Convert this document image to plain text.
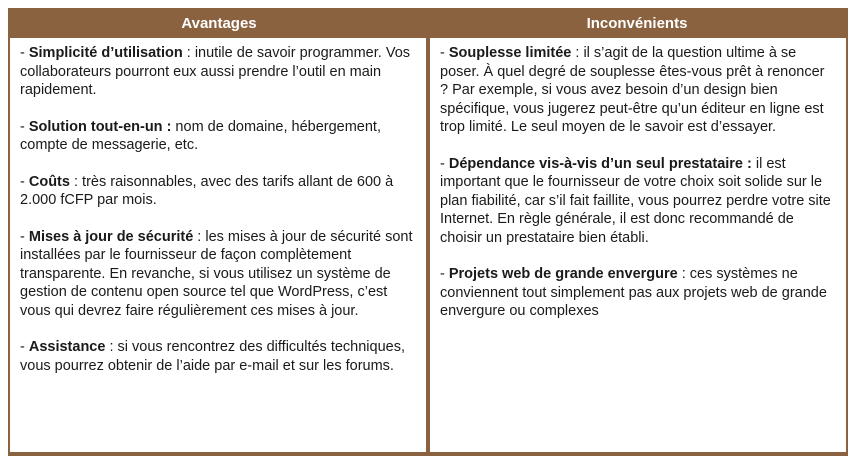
Avantages	Inconvénients

- Simplicité d’utilisation : inutile de savoir programmer. Vos collaborateurs pourront eux aussi prendre l’outil en main rapidement.

- Solution tout-en-un : nom de domaine, hébergement, compte de messagerie, etc.

- Coûts : très raisonnables, avec des tarifs allant de 600 à 2.000 fCFP par mois.

- Mises à jour de sécurité : les mises à jour de sécurité sont installées par le fournisseur de façon complètement transparente. En revanche, si vous utilisez un système de gestion de contenu open source tel que WordPress, c’est vous qui devrez faire régulièrement ces mises à jour.

- Assistance : si vous rencontrez des difficultés techniques, vous pourrez obtenir de l’aide par e-mail et sur les forums.

- Souplesse limitée : il s’agit de la question ultime à se poser. À quel degré de souplesse êtes-vous prêt à renoncer ? Par exemple, si vous avez besoin d’un design bien spécifique, vous jugerez peut-être qu’un éditeur en ligne est trop limité. Le seul moyen de le savoir est d’essayer.

- Dépendance vis-à-vis d’un seul prestataire : il est important que le fournisseur de votre choix soit solide sur le plan fiabilité, car s’il fait faillite, vous pourrez perdre votre site Internet. En règle générale, il est donc recommandé de choisir un prestataire bien établi.

- Projets web de grande envergure : ces systèmes ne conviennent tout simplement pas aux projets web de grande envergure ou complexes
